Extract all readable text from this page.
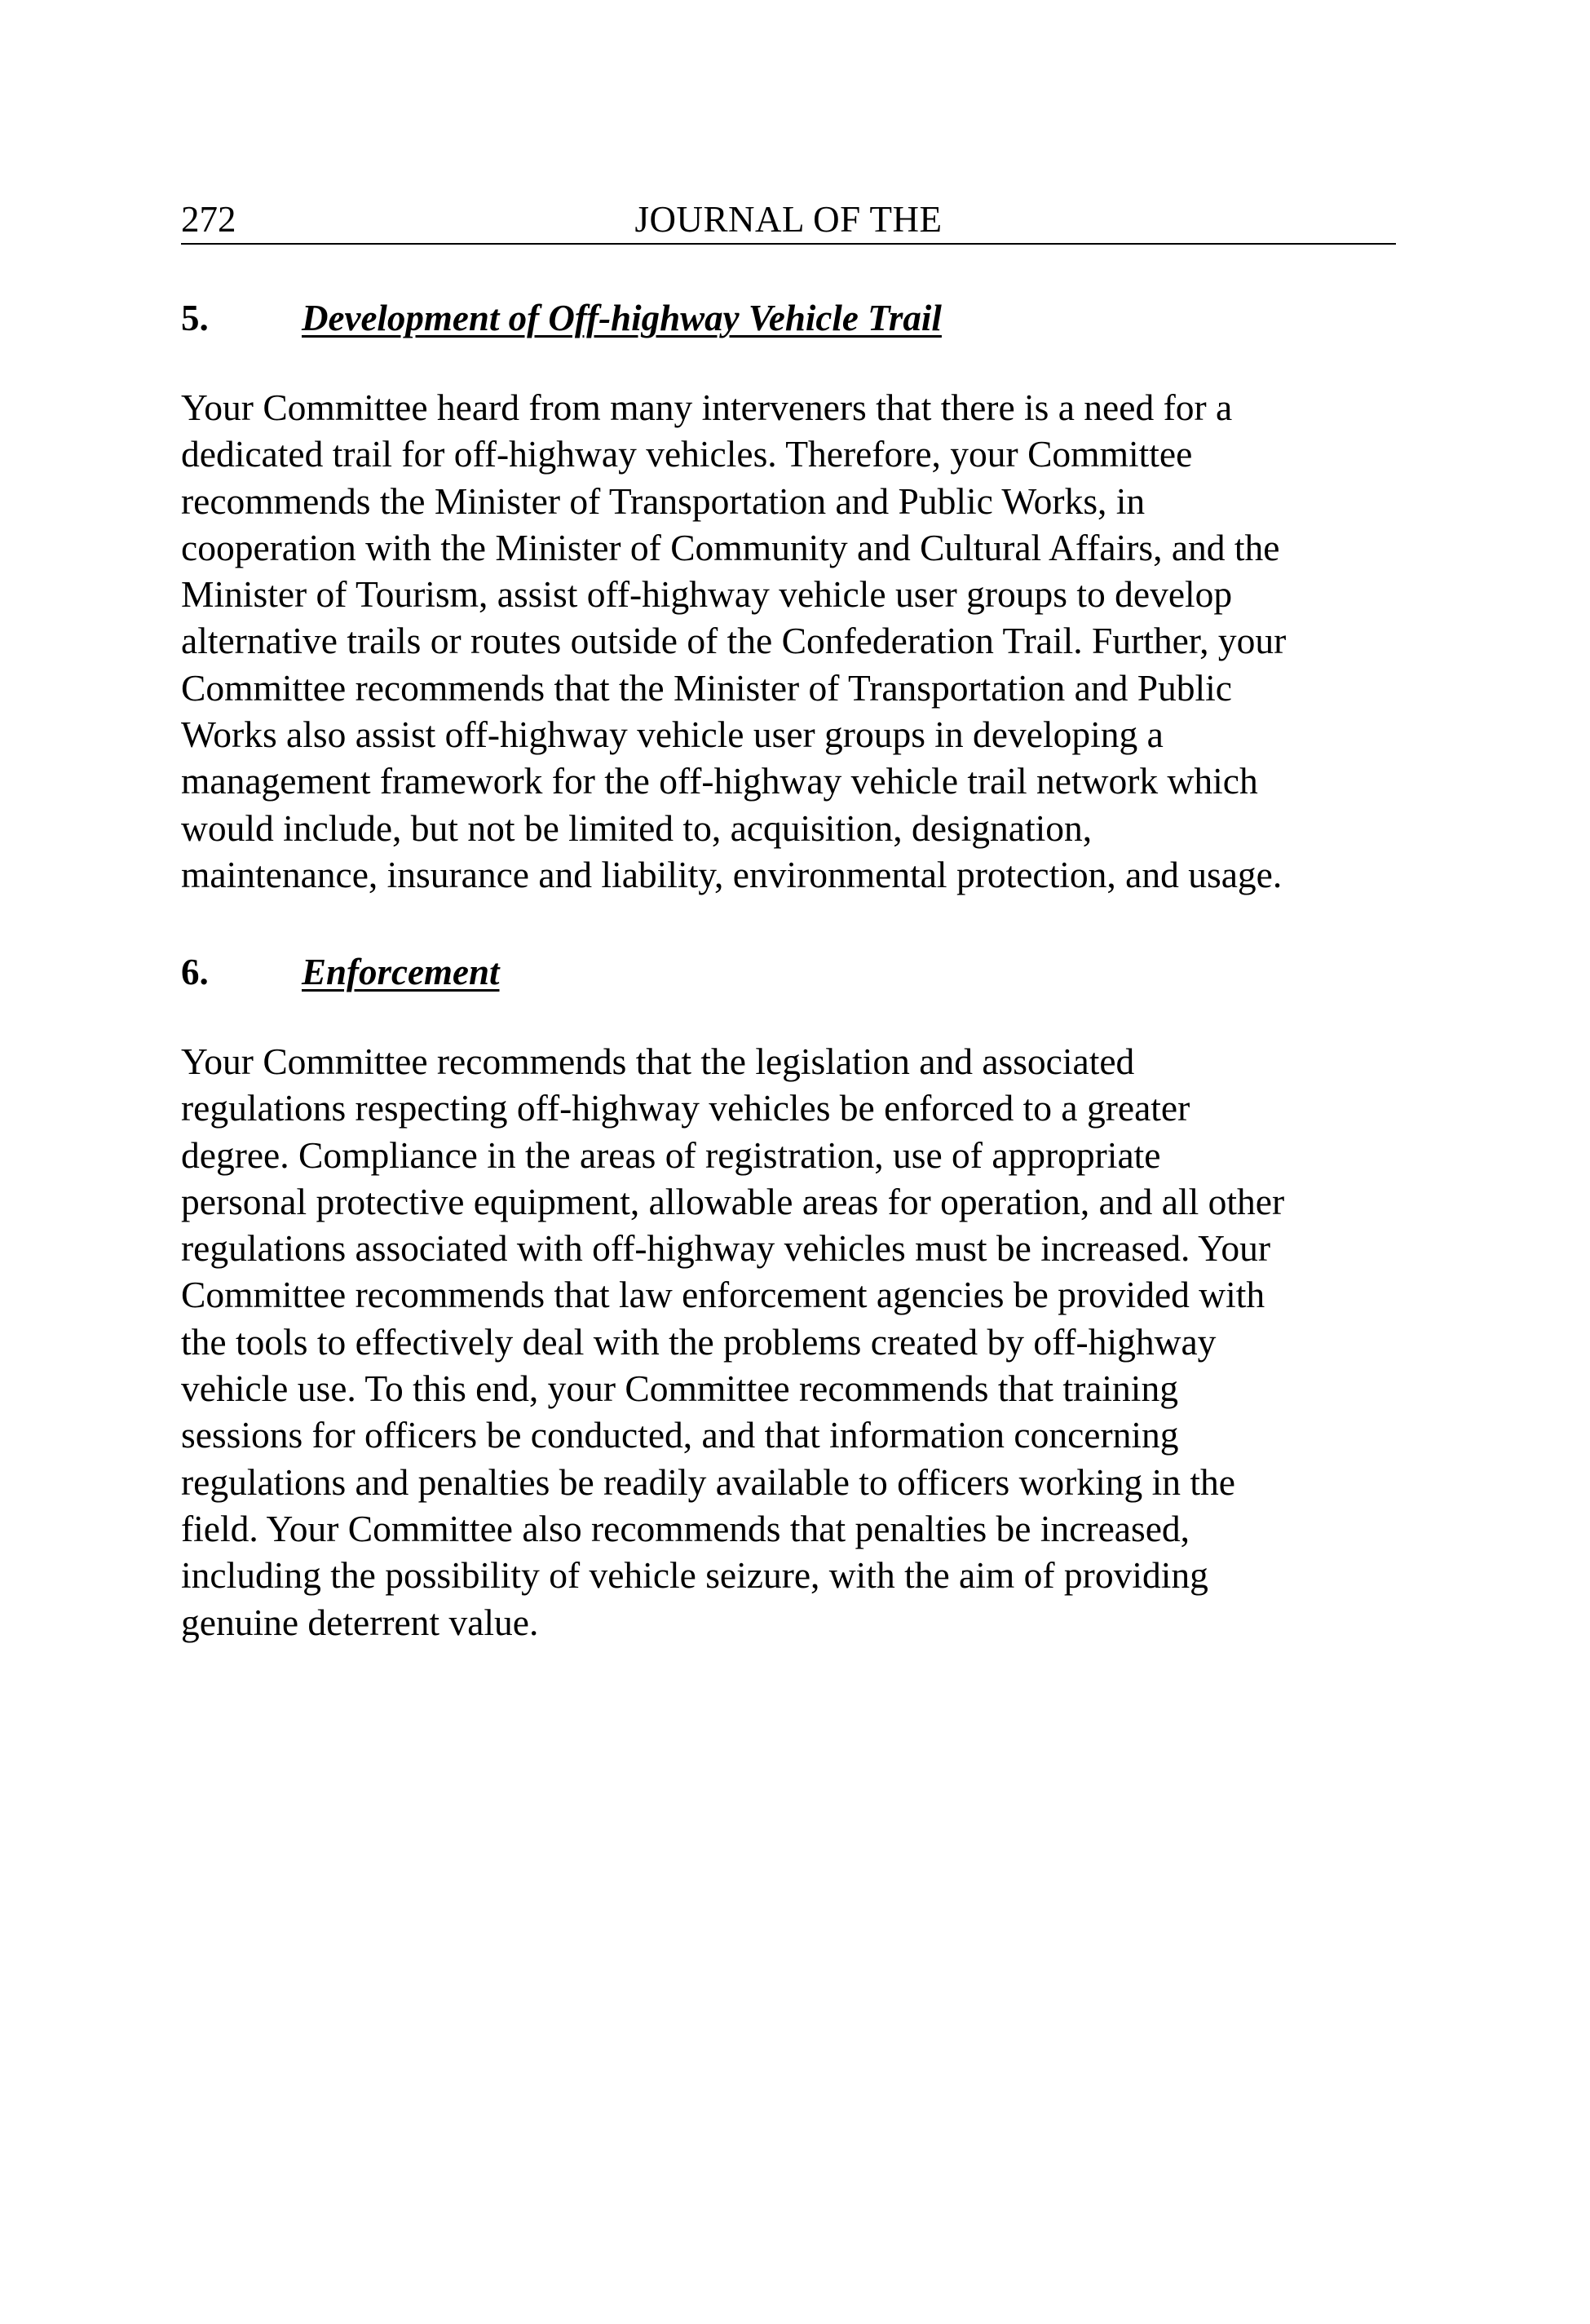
272	JOURNAL OF THE
5.	Development of Off-highway Vehicle Trail
Your Committee heard from many interveners that there is a need for a
dedicated trail for off-highway vehicles. Therefore, your Committee
recommends the Minister of Transportation and Public Works, in
cooperation with the Minister of Community and Cultural Affairs, and the
Minister of Tourism, assist off-highway vehicle user groups to develop
alternative trails or routes outside of the Confederation Trail. Further, your
Committee recommends that the Minister of Transportation and Public
Works also assist off-highway vehicle user groups in developing a
management framework for the off-highway vehicle trail network which
would include, but not be limited to, acquisition, designation,
maintenance, insurance and liability, environmental protection, and usage.
6.	Enforcement
Your Committee recommends that the legislation and associated
regulations respecting off-highway vehicles be enforced to a greater
degree. Compliance in the areas of registration, use of appropriate
personal protective equipment, allowable areas for operation, and all other
regulations associated with off-highway vehicles must be increased. Your
Committee recommends that law enforcement agencies be provided with
the tools to effectively deal with the problems created by off-highway
vehicle use. To this end, your Committee recommends that training
sessions for officers be conducted, and that information concerning
regulations and penalties be readily available to officers working in the
field. Your Committee also recommends that penalties be increased,
including the possibility of vehicle seizure, with the aim of providing
genuine deterrent value.
